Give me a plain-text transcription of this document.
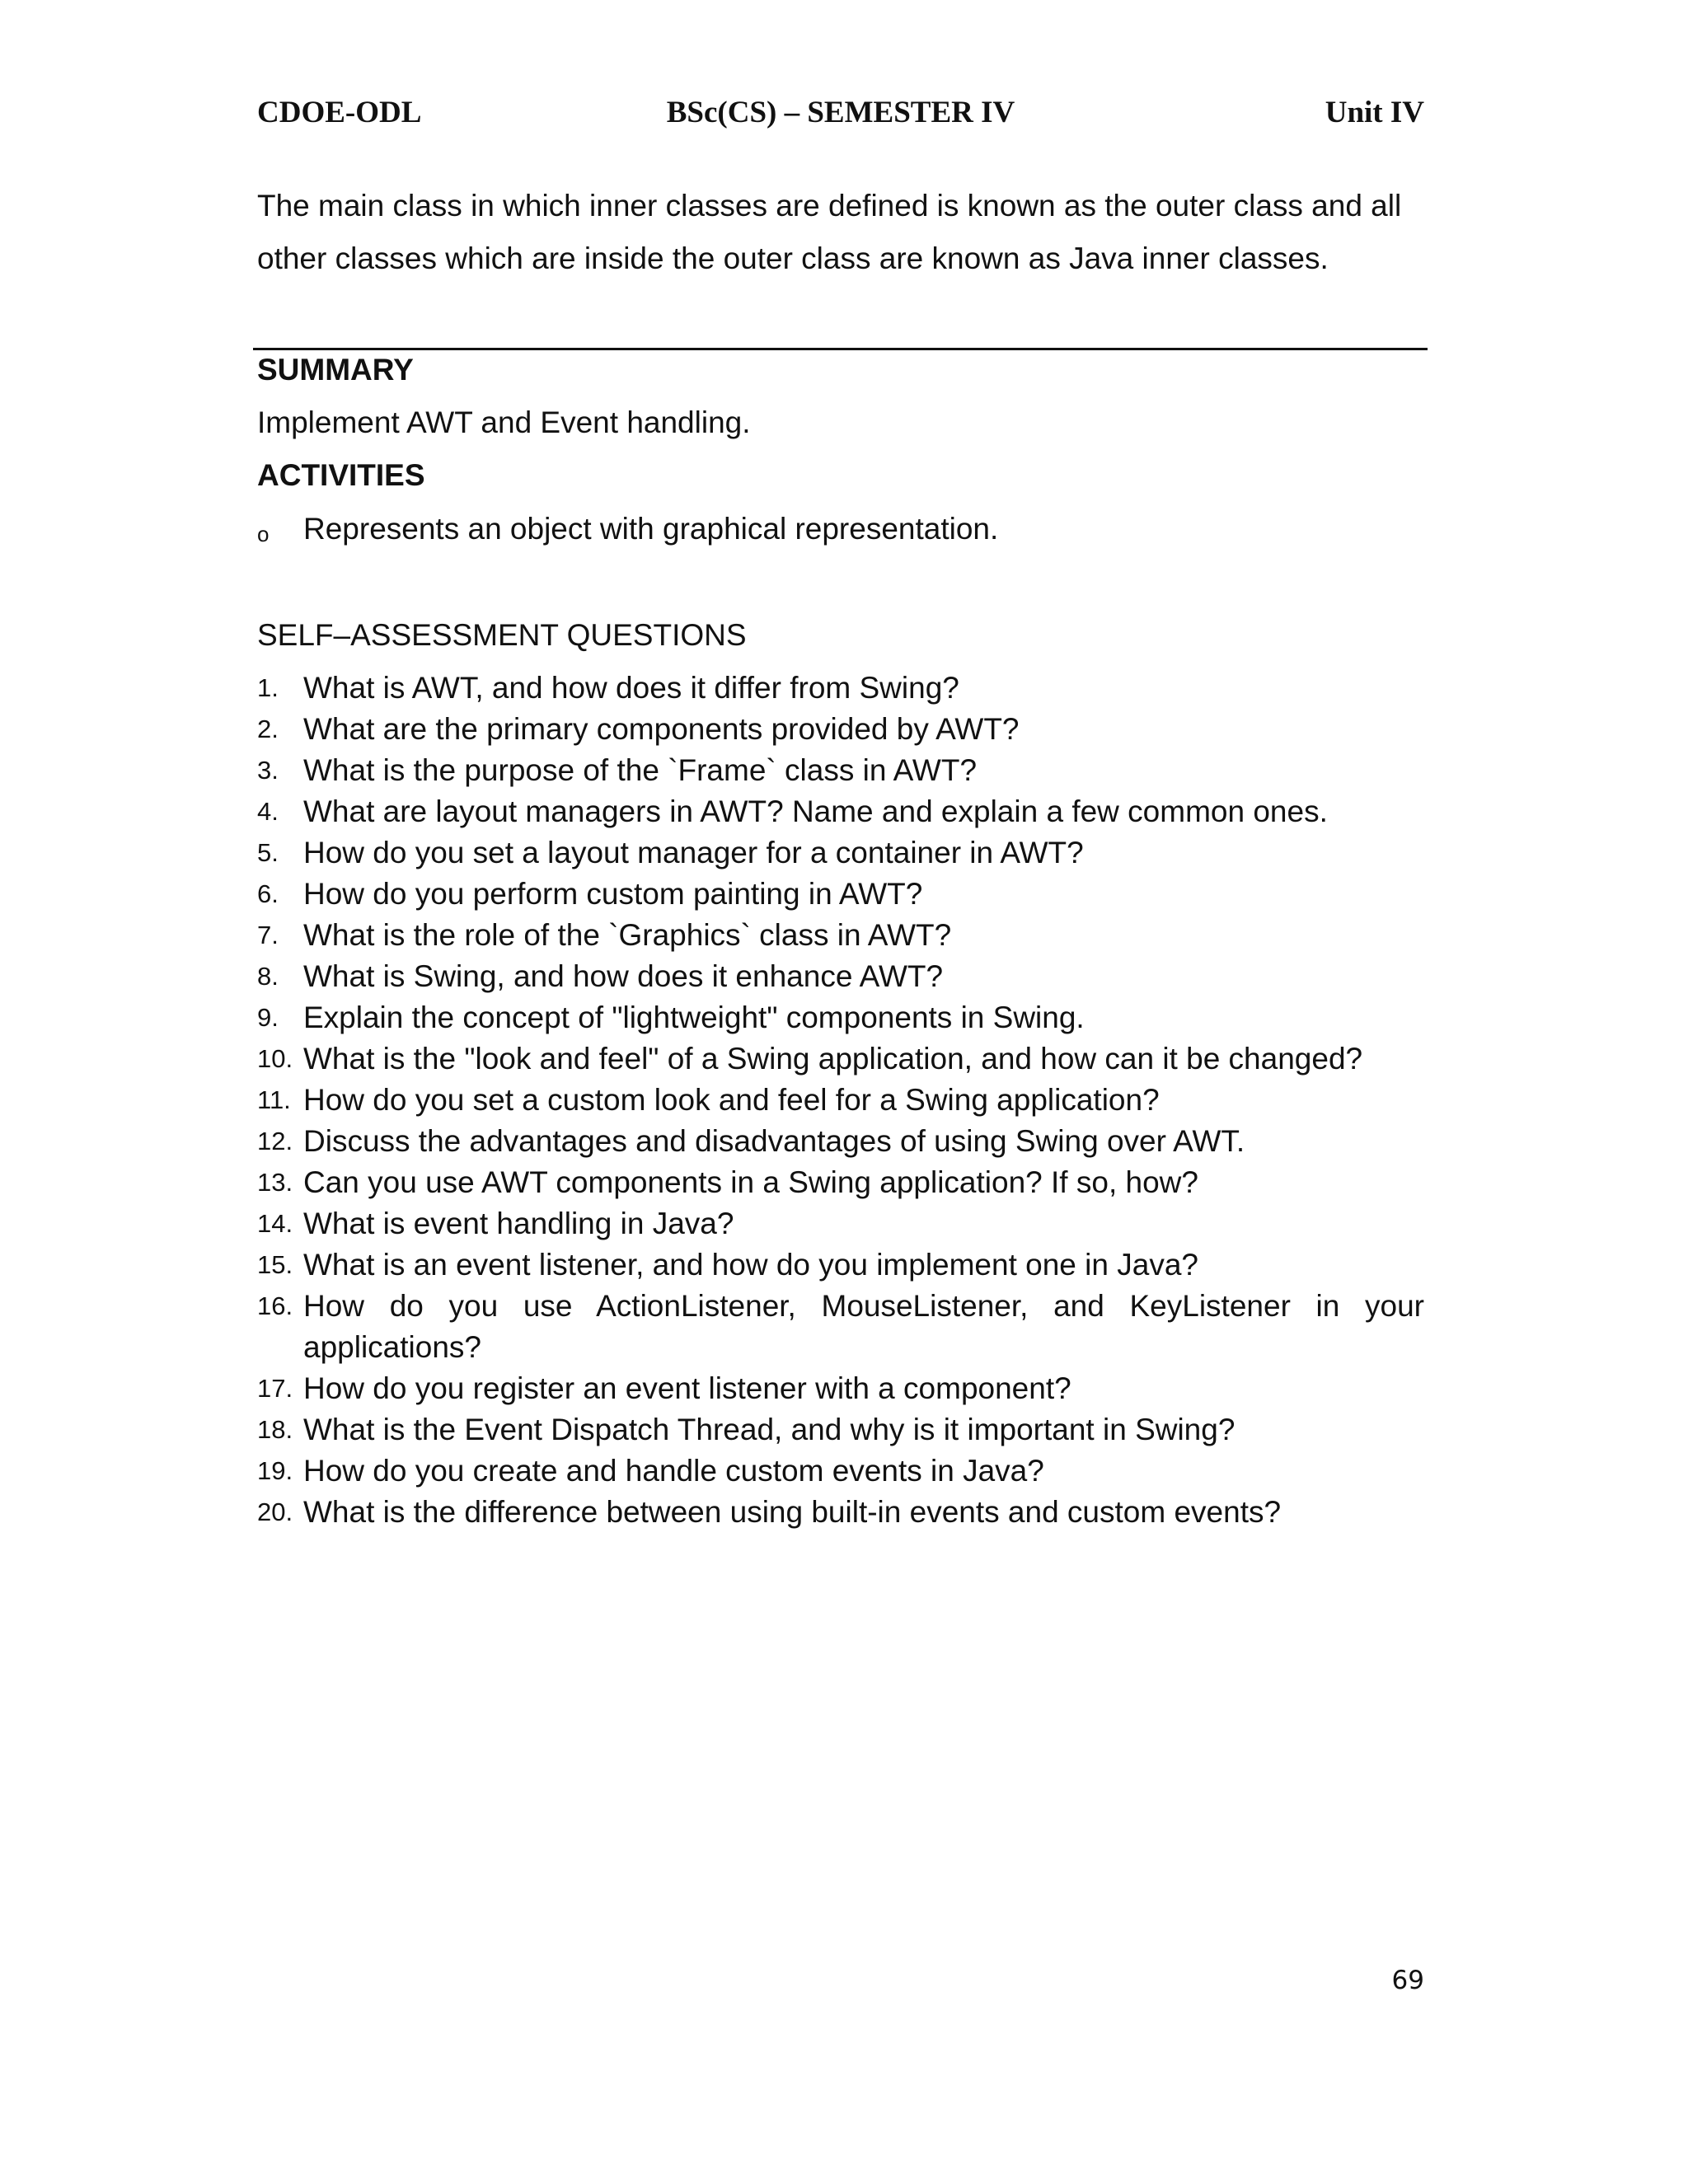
CDOE-ODL	BSc(CS) – SEMESTER IV	Unit IV

The main class in which inner classes are defined is known as the outer class and all other classes which are inside the outer class are known as Java inner classes.

SUMMARY
Implement AWT and Event handling.
ACTIVITIES
o Represents an object with graphical representation.
SELF–ASSESSMENT QUESTIONS
1. What is AWT, and how does it differ from Swing?
2. What are the primary components provided by AWT?
3. What is the purpose of the `Frame` class in AWT?
4. What are layout managers in AWT? Name and explain a few common ones.
5. How do you set a layout manager for a container in AWT?
6. How do you perform custom painting in AWT?
7. What is the role of the `Graphics` class in AWT?
8. What is Swing, and how does it enhance AWT?
9. Explain the concept of "lightweight" components in Swing.
10. What is the "look and feel" of a Swing application, and how can it be changed?
11. How do you set a custom look and feel for a Swing application?
12. Discuss the advantages and disadvantages of using Swing over AWT.
13. Can you use AWT components in a Swing application? If so, how?
14. What is event handling in Java?
15. What is an event listener, and how do you implement one in Java?
16. How do you use ActionListener, MouseListener, and KeyListener in your applications?
17. How do you register an event listener with a component?
18. What is the Event Dispatch Thread, and why is it important in Swing?
19. How do you create and handle custom events in Java?
20. What is the difference between using built-in events and custom events?
69
